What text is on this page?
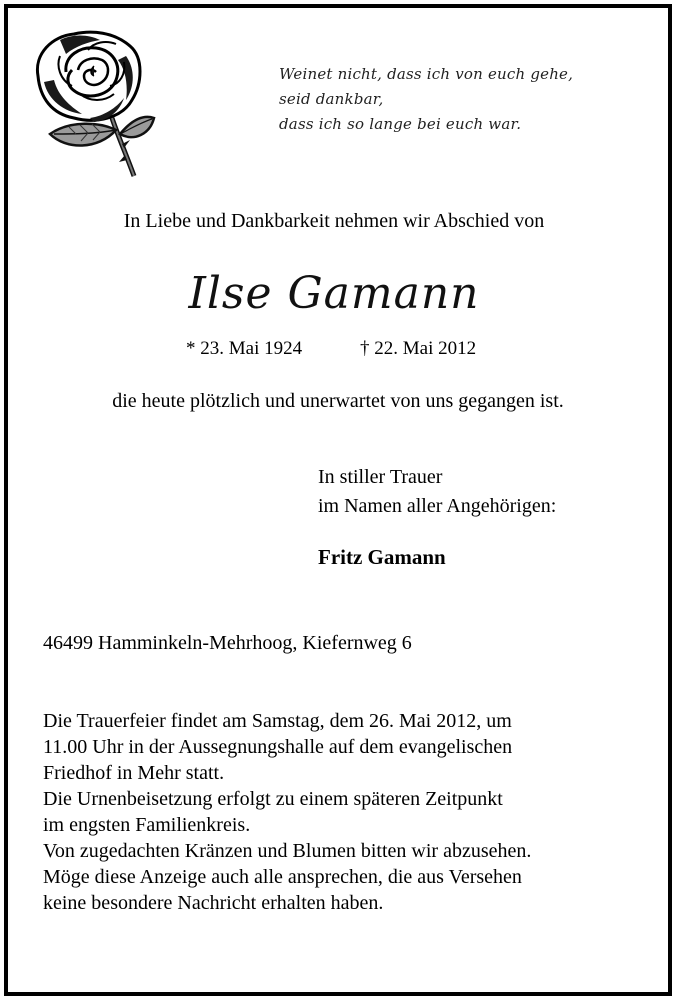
Weinet nicht, dass ich von euch gehe,
seid dankbar,
dass ich so lange bei euch war.
In Liebe und Dankbarkeit nehmen wir Abschied von
Ilse Gamann
* 23. Mai 1924	† 22. Mai 2012
die heute plötzlich und unerwartet von uns gegangen ist.
In stiller Trauer
im Namen aller Angehörigen:
Fritz Gamann
46499 Hamminkeln-Mehrhoog, Kiefernweg 6
Die Trauerfeier findet am Samstag, dem 26. Mai 2012, um
11.00 Uhr in der Aussegnungshalle auf dem evangelischen
Friedhof in Mehr statt.
Die Urnenbeisetzung erfolgt zu einem späteren Zeitpunkt
im engsten Familienkreis.
Von zugedachten Kränzen und Blumen bitten wir abzusehen.
Möge diese Anzeige auch alle ansprechen, die aus Versehen
keine besondere Nachricht erhalten haben.
